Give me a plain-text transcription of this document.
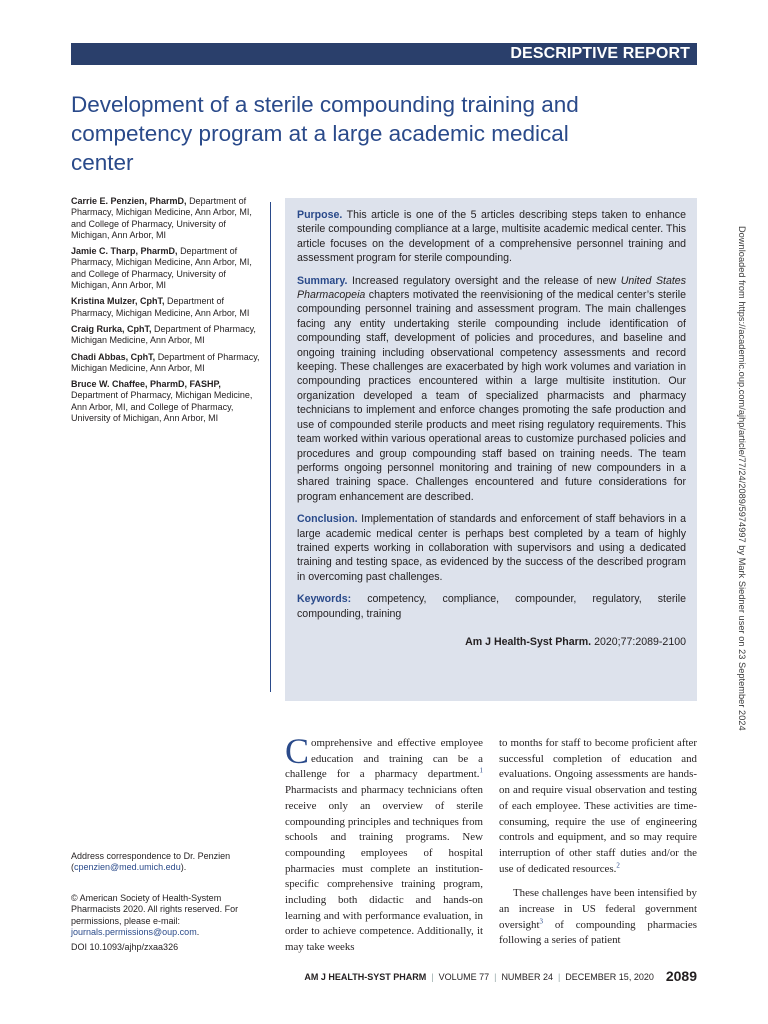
DESCRIPTIVE REPORT
Development of a sterile compounding training and competency program at a large academic medical center
Carrie E. Penzien, PharmD, Department of Pharmacy, Michigan Medicine, Ann Arbor, MI, and College of Pharmacy, University of Michigan, Ann Arbor, MI
Jamie C. Tharp, PharmD, Department of Pharmacy, Michigan Medicine, Ann Arbor, MI, and College of Pharmacy, University of Michigan, Ann Arbor, MI
Kristina Mulzer, CphT, Department of Pharmacy, Michigan Medicine, Ann Arbor, MI
Craig Rurka, CphT, Department of Pharmacy, Michigan Medicine, Ann Arbor, MI
Chadi Abbas, CphT, Department of Pharmacy, Michigan Medicine, Ann Arbor, MI
Bruce W. Chaffee, PharmD, FASHP, Department of Pharmacy, Michigan Medicine, Ann Arbor, MI, and College of Pharmacy, University of Michigan, Ann Arbor, MI

Purpose. This article is one of the 5 articles describing steps taken to enhance sterile compounding compliance at a large, multisite academic medical center. This article focuses on the development of a comprehensive personnel training and assessment program for sterile compounding.

Summary. Increased regulatory oversight and the release of new United States Pharmacopeia chapters motivated the reenvisioning of the medical center’s sterile compounding personnel training and assessment program. The main challenges facing any entity undertaking sterile compounding include identification of compounding staff, development of policies and procedures, and baseline and ongoing training including observational competency assessments and record keeping. These challenges are exacerbated by high work volumes and variation in compounding practices encountered within a large multisite institution. Our organization developed a team of specialized pharmacists and pharmacy technicians to implement and enforce changes promoting the safe production and use of compounded sterile products and meet rising regulatory requirements. This team worked within various operational areas to customize purchased policies and procedures and group compounding staff based on training needs. The team performs ongoing personnel monitoring and training of new compounders in a shared training space. Challenges encountered and future considerations for program enhancement are described.

Conclusion. Implementation of standards and enforcement of staff behaviors in a large academic medical center is perhaps best completed by a team of highly trained experts working in collaboration with supervisors and using a dedicated training and testing space, as evidenced by the success of the described program in overcoming past challenges.

Keywords: competency, compliance, compounder, regulatory, sterile compounding, training

Am J Health-Syst Pharm. 2020;77:2089-2100	Downloaded from https://academic.oup.com/ajhp/article/77/24/2089/5974997 by Mark Siedner user on 23 September 2024

Comprehensive and effective employee education and training can be a challenge for a pharmacy department.$^1$ Pharmacists and pharmacy technicians often receive only an overview of sterile compounding principles and techniques from schools and training programs. New compounding employees of hospital pharmacies must complete an institution-specific comprehensive training program, including both didactic and hands-on learning and with performance evaluation, in order to achieve competence. Additionally, it may take weeks

to months for staff to become proficient after successful completion of education and evaluations. Ongoing assessments are hands-on and require visual observation and testing of each employee. These activities are time-consuming, require the use of engineering controls and equipment, and so may require interruption of other staff duties and/or the use of dedicated resources.$^2$

These challenges have been intensified by an increase in US federal government oversight$^3$ of compounding pharmacies following a series of patient

Address correspondence to Dr. Penzien
(cpenzien@med.umich.edu).
© American Society of Health-System Pharmacists 2020. All rights reserved. For permissions, please e-mail: journals.permissions@oup.com.
DOI 10.1093/ajhp/zxaa326
AM J HEALTH-SYST PHARM | VOLUME 77 | NUMBER 24 | DECEMBER 15, 2020 2089
